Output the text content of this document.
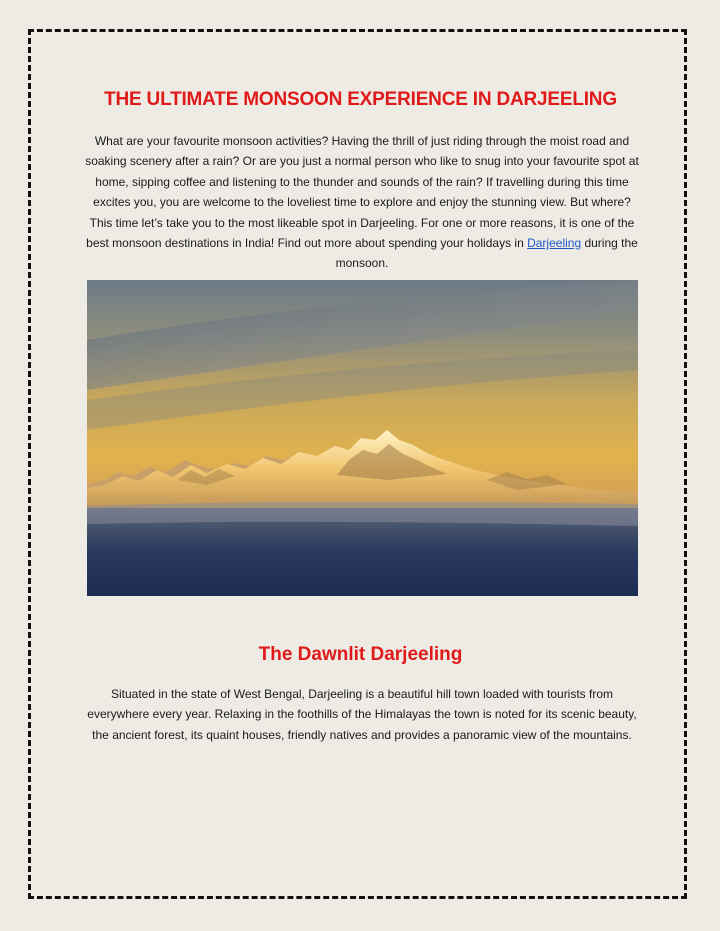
THE ULTIMATE MONSOON EXPERIENCE IN DARJEELING

What are your favourite monsoon activities? Having the thrill of just riding through the moist road and soaking scenery after a rain? Or are you just a normal person who like to snug into your favourite spot at home, sipping coffee and listening to the thunder and sounds of the rain? If travelling during this time excites you, you are welcome to the loveliest time to explore and enjoy the stunning view. But where? This time let’s take you to the most likeable spot in Darjeeling. For one or more reasons, it is one of the best monsoon destinations in India! Find out more about spending your holidays in Darjeeling during the monsoon.

The Dawnlit Darjeeling

Situated in the state of West Bengal, Darjeeling is a beautiful hill town loaded with tourists from everywhere every year. Relaxing in the foothills of the Himalayas the town is noted for its scenic beauty, the ancient forest, its quaint houses, friendly natives and provides a panoramic view of the mountains.
